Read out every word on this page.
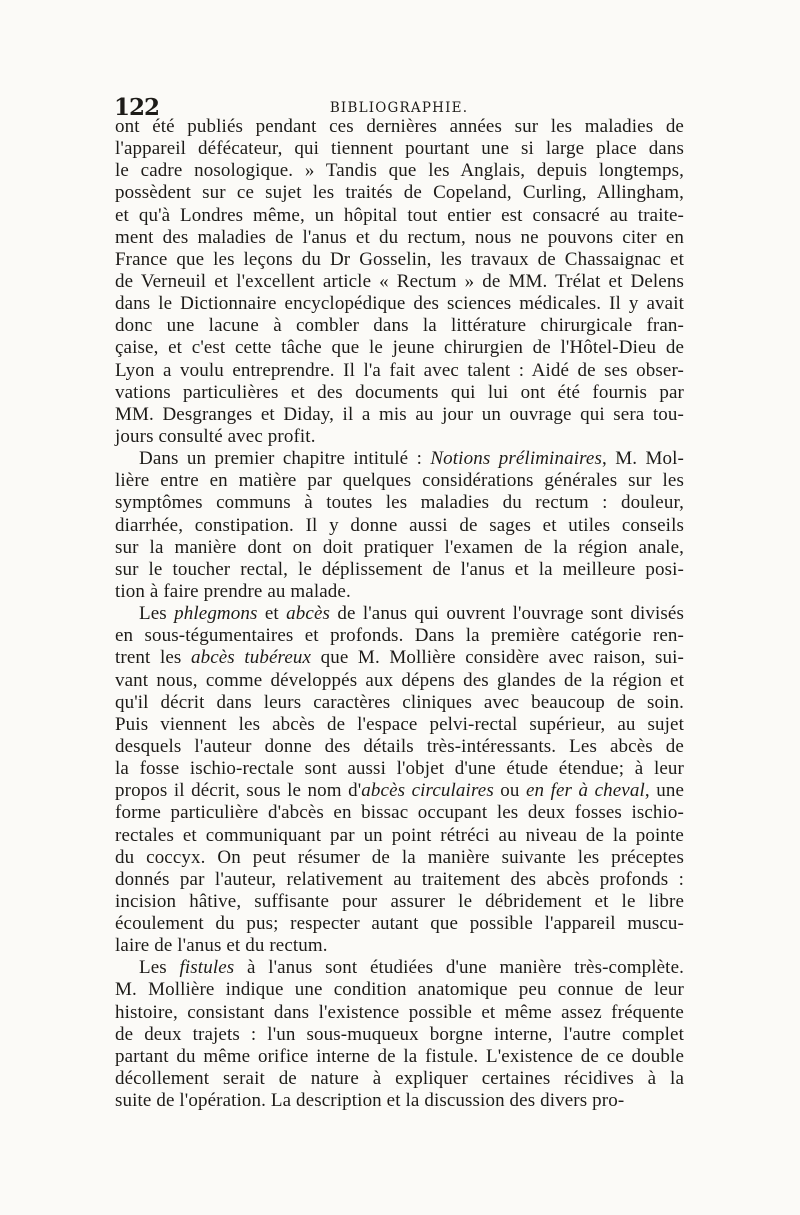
122	BIBLIOGRAPHIE.
ont été publiés pendant ces dernières années sur les maladies de
l'appareil défécateur, qui tiennent pourtant une si large place dans
le cadre nosologique. » Tandis que les Anglais, depuis longtemps,
possèdent sur ce sujet les traités de Copeland, Curling, Allingham,
et qu'à Londres même, un hôpital tout entier est consacré au traite-
ment des maladies de l'anus et du rectum, nous ne pouvons citer en
France que les leçons du Dr Gosselin, les travaux de Chassaignac et
de Verneuil et l'excellent article « Rectum » de MM. Trélat et Delens
dans le Dictionnaire encyclopédique des sciences médicales. Il y avait
donc une lacune à combler dans la littérature chirurgicale fran-
çaise, et c'est cette tâche que le jeune chirurgien de l'Hôtel-Dieu de
Lyon a voulu entreprendre. Il l'a fait avec talent : Aidé de ses obser-
vations particulières et des documents qui lui ont été fournis par
MM. Desgranges et Diday, il a mis au jour un ouvrage qui sera tou-
jours consulté avec profit.
Dans un premier chapitre intitulé : Notions préliminaires, M. Mol-
lière entre en matière par quelques considérations générales sur les
symptômes communs à toutes les maladies du rectum : douleur,
diarrhée, constipation. Il y donne aussi de sages et utiles conseils
sur la manière dont on doit pratiquer l'examen de la région anale,
sur le toucher rectal, le déplissement de l'anus et la meilleure posi-
tion à faire prendre au malade.
Les phlegmons et abcès de l'anus qui ouvrent l'ouvrage sont divisés
en sous-tégumentaires et profonds. Dans la première catégorie ren-
trent les abcès tubéreux que M. Mollière considère avec raison, sui-
vant nous, comme développés aux dépens des glandes de la région et
qu'il décrit dans leurs caractères cliniques avec beaucoup de soin.
Puis viennent les abcès de l'espace pelvi-rectal supérieur, au sujet
desquels l'auteur donne des détails très-intéressants. Les abcès de
la fosse ischio-rectale sont aussi l'objet d'une étude étendue; à leur
propos il décrit, sous le nom d'abcès circulaires ou en fer à cheval, une
forme particulière d'abcès en bissac occupant les deux fosses ischio-
rectales et communiquant par un point rétréci au niveau de la pointe
du coccyx. On peut résumer de la manière suivante les préceptes
donnés par l'auteur, relativement au traitement des abcès profonds :
incision hâtive, suffisante pour assurer le débridement et le libre
écoulement du pus; respecter autant que possible l'appareil muscu-
laire de l'anus et du rectum.
Les fistules à l'anus sont étudiées d'une manière très-complète.
M. Mollière indique une condition anatomique peu connue de leur
histoire, consistant dans l'existence possible et même assez fréquente
de deux trajets : l'un sous-muqueux borgne interne, l'autre complet
partant du même orifice interne de la fistule. L'existence de ce double
décollement serait de nature à expliquer certaines récidives à la
suite de l'opération. La description et la discussion des divers pro-
